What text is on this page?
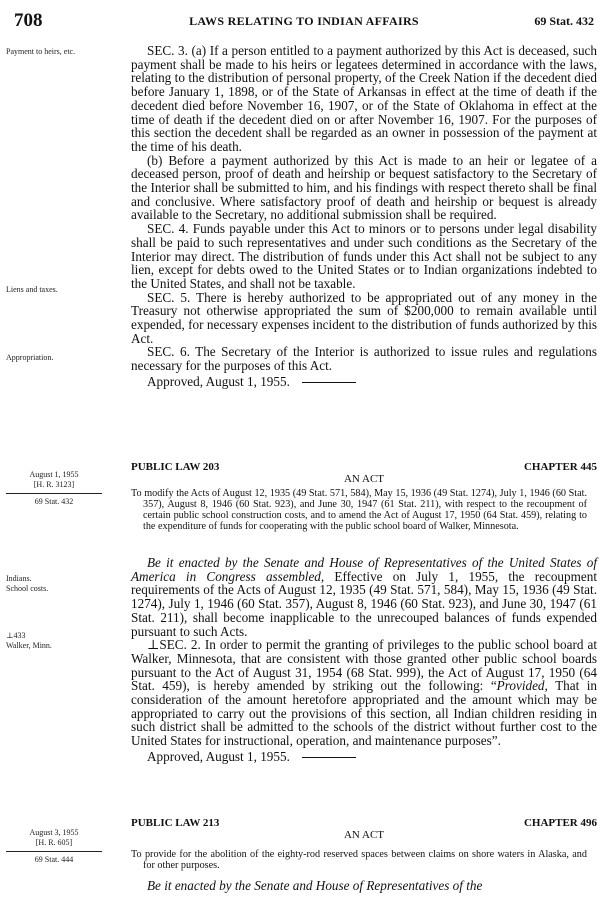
708	LAWS RELATING TO INDIAN AFFAIRS	69 Stat. 432
Payment to heirs, etc.
Liens and taxes.
Appropriation.
August 1, 1955
[H. R. 3123]
69 Stat. 432
Indians.
School costs.
⊥433
Walker, Minn.
August 3, 1955
[H. R. 605]
69 Stat. 444

SEC. 3. (a) If a person entitled to a payment authorized by this Act is deceased, such payment shall be made to his heirs or legatees determined in accordance with the laws, relating to the distribution of personal property, of the Creek Nation if the decedent died before January 1, 1898, or of the State of Arkansas in effect at the time of death if the decedent died before November 16, 1907, or of the State of Oklahoma in effect at the time of death if the decedent died on or after November 16, 1907. For the purposes of this section the decedent shall be regarded as an owner in possession of the payment at the time of his death.

(b) Before a payment authorized by this Act is made to an heir or legatee of a deceased person, proof of death and heirship or bequest satisfactory to the Secretary of the Interior shall be submitted to him, and his findings with respect thereto shall be final and conclusive. Where satisfactory proof of death and heirship or bequest is already available to the Secretary, no additional submission shall be required.

SEC. 4. Funds payable under this Act to minors or to persons under legal disability shall be paid to such representatives and under such conditions as the Secretary of the Interior may direct. The distribution of funds under this Act shall not be subject to any lien, except for debts owed to the United States or to Indian organizations indebted to the United States, and shall not be taxable.

SEC. 5. There is hereby authorized to be appropriated out of any money in the Treasury not otherwise appropriated the sum of $200,000 to remain available until expended, for necessary expenses incident to the distribution of funds authorized by this Act.

SEC. 6. The Secretary of the Interior is authorized to issue rules and regulations necessary for the purposes of this Act.

Approved, August 1, 1955.

PUBLIC LAW 203	CHAPTER 445
AN ACT
To modify the Acts of August 12, 1935 (49 Stat. 571, 584), May 15, 1936 (49 Stat. 1274), July 1, 1946 (60 Stat. 357), August 8, 1946 (60 Stat. 923), and June 30, 1947 (61 Stat. 211), with respect to the recoupment of certain public school construction costs, and to amend the Act of August 17, 1950 (64 Stat. 459), relating to the expenditure of funds for cooperating with the public school board of Walker, Minnesota.

Be it enacted by the Senate and House of Representatives of the United States of America in Congress assembled, Effective on July 1, 1955, the recoupment requirements of the Acts of August 12, 1935 (49 Stat. 571, 584), May 15, 1936 (49 Stat. 1274), July 1, 1946 (60 Stat. 357), August 8, 1946 (60 Stat. 923), and June 30, 1947 (61 Stat. 211), shall become inapplicable to the unrecouped balances of funds expended pursuant to such Acts.

⊥SEC. 2. In order to permit the granting of privileges to the public school board at Walker, Minnesota, that are consistent with those granted other public school boards pursuant to the Act of August 31, 1954 (68 Stat. 999), the Act of August 17, 1950 (64 Stat. 459), is hereby amended by striking out the following: “Provided, That in consideration of the amount heretofore appropriated and the amount which may be appropriated to carry out the provisions of this section, all Indian children residing in such district shall be admitted to the schools of the district without further cost to the United States for instructional, operation, and maintenance purposes”.

Approved, August 1, 1955.

PUBLIC LAW 213	CHAPTER 496
AN ACT
To provide for the abolition of the eighty-rod reserved spaces between claims on shore waters in Alaska, and for other purposes.

Be it enacted by the Senate and House of Representatives of the
